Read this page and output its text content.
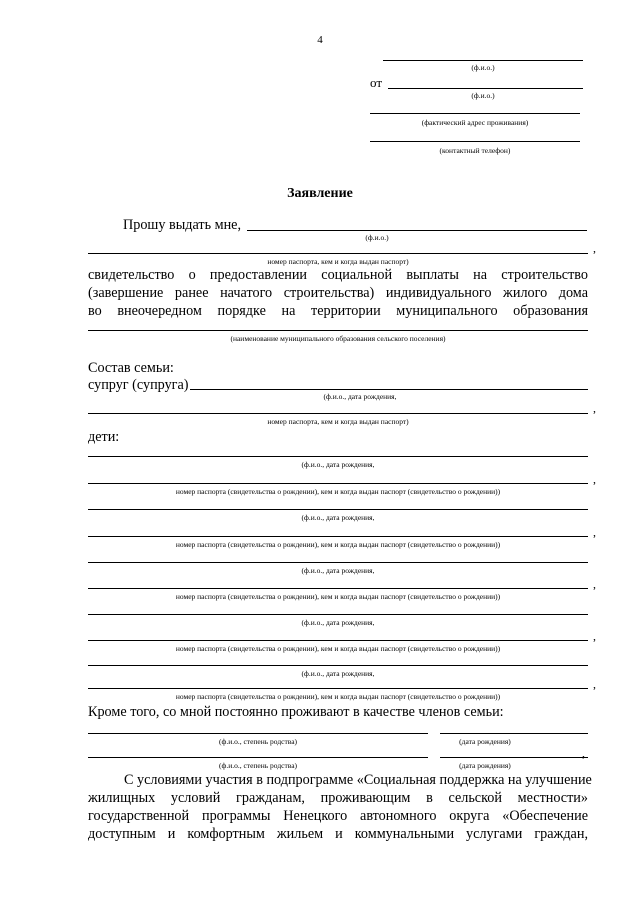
4
(ф.и.о.)
от
(ф.и.о.)
(фактический адрес проживания)
(контактный телефон)
Заявление
Прошу выдать мне,
(ф.и.о.)
,
номер паспорта, кем и когда выдан паспорт)
свидетельство о предоставлении социальной выплаты на строительство
(завершение ранее начатого строительства) индивидуального жилого дома
во внеочередном порядке на территории муниципального образования
(наименование муниципального образования сельского поселения)
Состав семьи:
супруг (супруга)
(ф.и.о., дата рождения,
,
номер паспорта, кем и когда выдан паспорт)
дети:
(ф.и.о., дата рождения,
,
номер паспорта (свидетельства о рождении), кем и когда выдан паспорт (свидетельство о рождении))
(ф.и.о., дата рождения,
,
номер паспорта (свидетельства о рождении), кем и когда выдан паспорт (свидетельство о рождении))
(ф.и.о., дата рождения,
,
номер паспорта (свидетельства о рождении), кем и когда выдан паспорт (свидетельство о рождении))
(ф.и.о., дата рождения,
,
номер паспорта (свидетельства о рождении), кем и когда выдан паспорт (свидетельство о рождении))
(ф.и.о., дата рождения,
,
номер паспорта (свидетельства о рождении), кем и когда выдан паспорт (свидетельство о рождении))
Кроме того, со мной постоянно проживают в качестве членов семьи:
(ф.и.о., степень родства)	(дата рождения)
(ф.и.о., степень родства)
,
(дата рождения)
С условиями участия в подпрограмме «Социальная поддержка на улучшение
жилищных условий гражданам, проживающим в сельской местности»
государственной программы Ненецкого автономного округа «Обеспечение
доступным и комфортным жильем и коммунальными услугами граждан,
